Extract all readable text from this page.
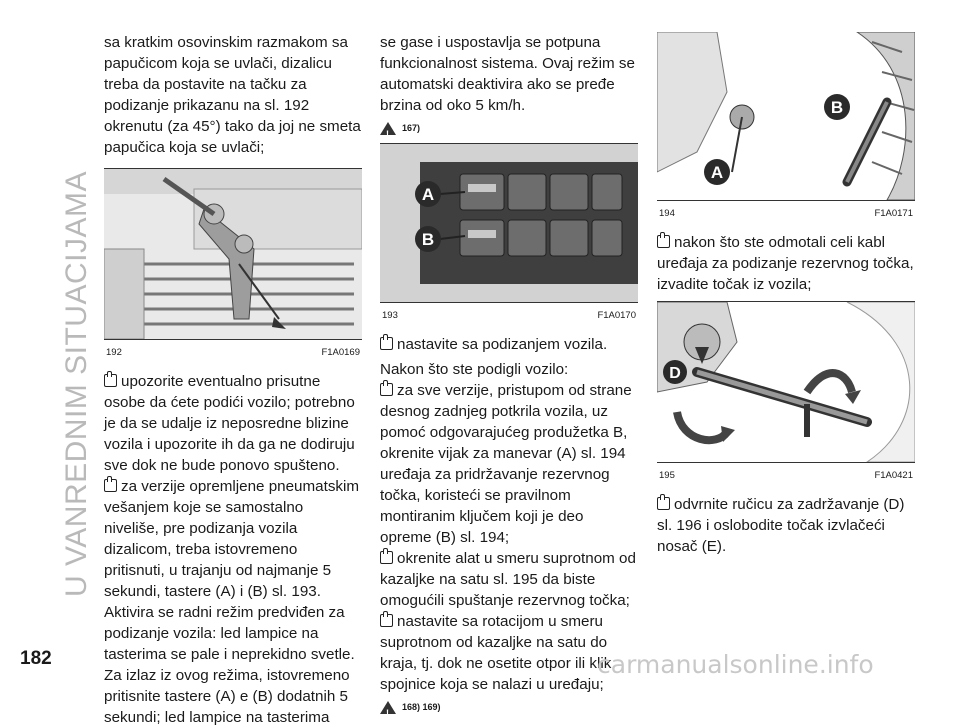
U VANREDNIM SITUACIJAMA

sa kratkim osovinskim razmakom sa papučicom koja se uvlači, dizalicu treba da postavite na tačku za podizanje prikazanu na sl. 192 okrenutu (za 45°) tako da joj ne smeta papučica koja se uvlači;

192	F1A0169

upozorite eventualno prisutne osobe da ćete podići vozilo; potrebno je da se udalje iz neposredne blizine vozila i upozorite ih da ga ne dodiruju sve dok ne bude ponovo spušteno.

za verzije opremljene pneumatskim vešanjem koje se samostalno niveliše, pre podizanja vozila dizalicom, treba istovremeno pritisnuti, u trajanju od najmanje 5 sekundi, tastere (A) i (B) sl. 193.

Aktivira se radni režim predviđen za podizanje vozila: led lampice na tasterima se pale i neprekidno svetle. Za izlaz iz ovog režima, istovremeno pritisnite tastere (A) e (B) dodatnih 5 sekundi; led lampice na tasterima

se gase i uspostavlja se potpuna funkcionalnost sistema. Ovaj režim se automatski deaktivira ako se pređe brzina od oko 5 km/h.

!
167)
A
B
193	F1A0170

nastavite sa podizanjem vozila.

Nakon što ste podigli vozilo:

za sve verzije, pristupom od strane desnog zadnjeg potkrila vozila, uz pomoć odgovarajućeg produžetka B, okrenite vijak za manevar (A) sl. 194 uređaja za pridržavanje rezervnog točka, koristeći se pravilnom montiranim ključem koji je deo opreme (B) sl. 194;

okrenite alat u smeru suprotnom od kazaljke na satu sl. 195 da biste omogućili spuštanje rezervnog točka;

nastavite sa rotacijom u smeru suprotnom od kazaljke na satu do kraja, tj. dok ne osetite otpor ili klik spojnice koja se nalazi u uređaju;

!
168) 169)
B
A
194	F1A0171

nakon što ste odmotali celi kabl uređaja za podizanje rezervnog točka, izvadite točak iz vozila;

D
195	F1A0421

odvrnite ručicu za zadržavanje (D) sl. 196 i oslobodite točak izvlačeći nosač (E).

182	carmanualsonline.info
